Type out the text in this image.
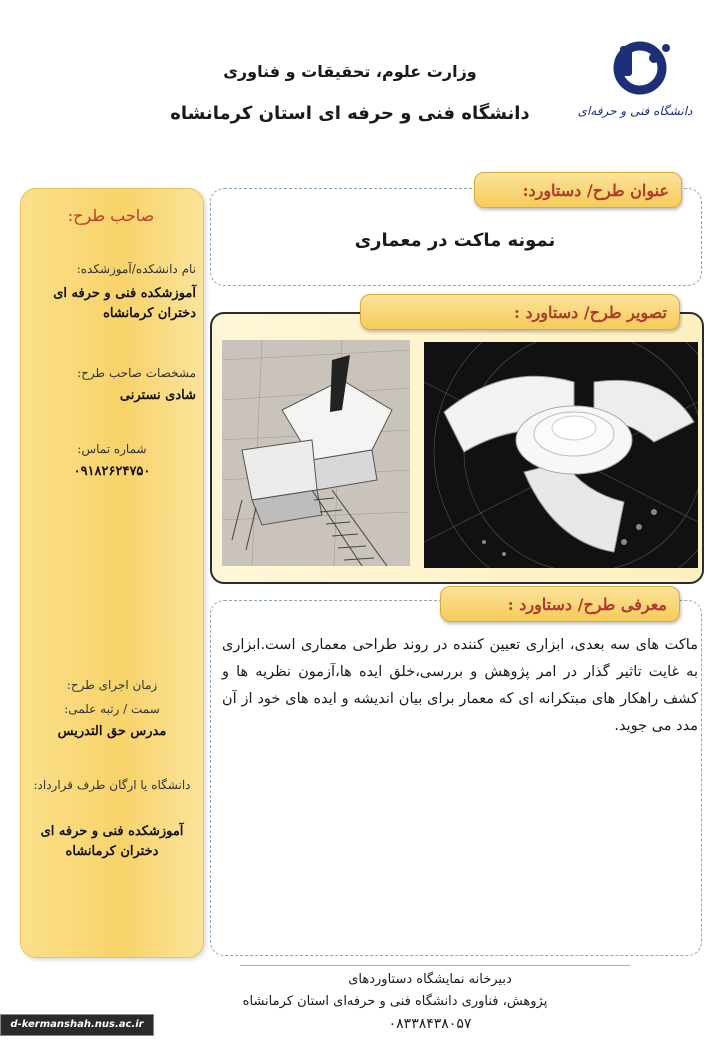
وزارت علوم، تحقیقات و فناوری
دانشگاه فنی و حرفه ای استان کرمانشاه	دانشگاه فنی و حرفه‌ای
صاحب طرح:
نام دانشکده/آموزشکده:
آموزشکده فنی و حرفه ای دختران کرمانشاه
مشخصات صاحب طرح:
شادی نسترنی
شماره تماس:
۰۹۱۸۲۶۲۴۷۵۰
زمان اجرای طرح:
سمت / رتبه علمی:
مدرس حق التدریس
دانشگاه یا ارگان طرف قرارداد:
آموزشکده فنی و حرفه ای دختران کرمانشاه
عنوان طرح/ دستاورد:
نمونه ماکت در معماری
تصویر طرح/ دستاورد :
معرفی طرح/ دستاورد :
ماکت های سه بعدی، ابزاری تعیین کننده در روند طراحی معماری است.ابزاری به غایت تاثیر گذار در امر پژوهش و بررسی،خلق ایده ها،آزمون نظریه ها و کشف راهکار های مبتکرانه ای که معمار برای بیان اندیشه و ایده های خود از آن مدد می جوید.
دبیرخانه نمایشگاه دستاوردهای
پژوهش، فناوری دانشگاه فنی و حرفه‌ای استان کرمانشاه
۰۸۳۳۸۴۳۸۰۵۷
d-kermanshah.nus.ac.ir
